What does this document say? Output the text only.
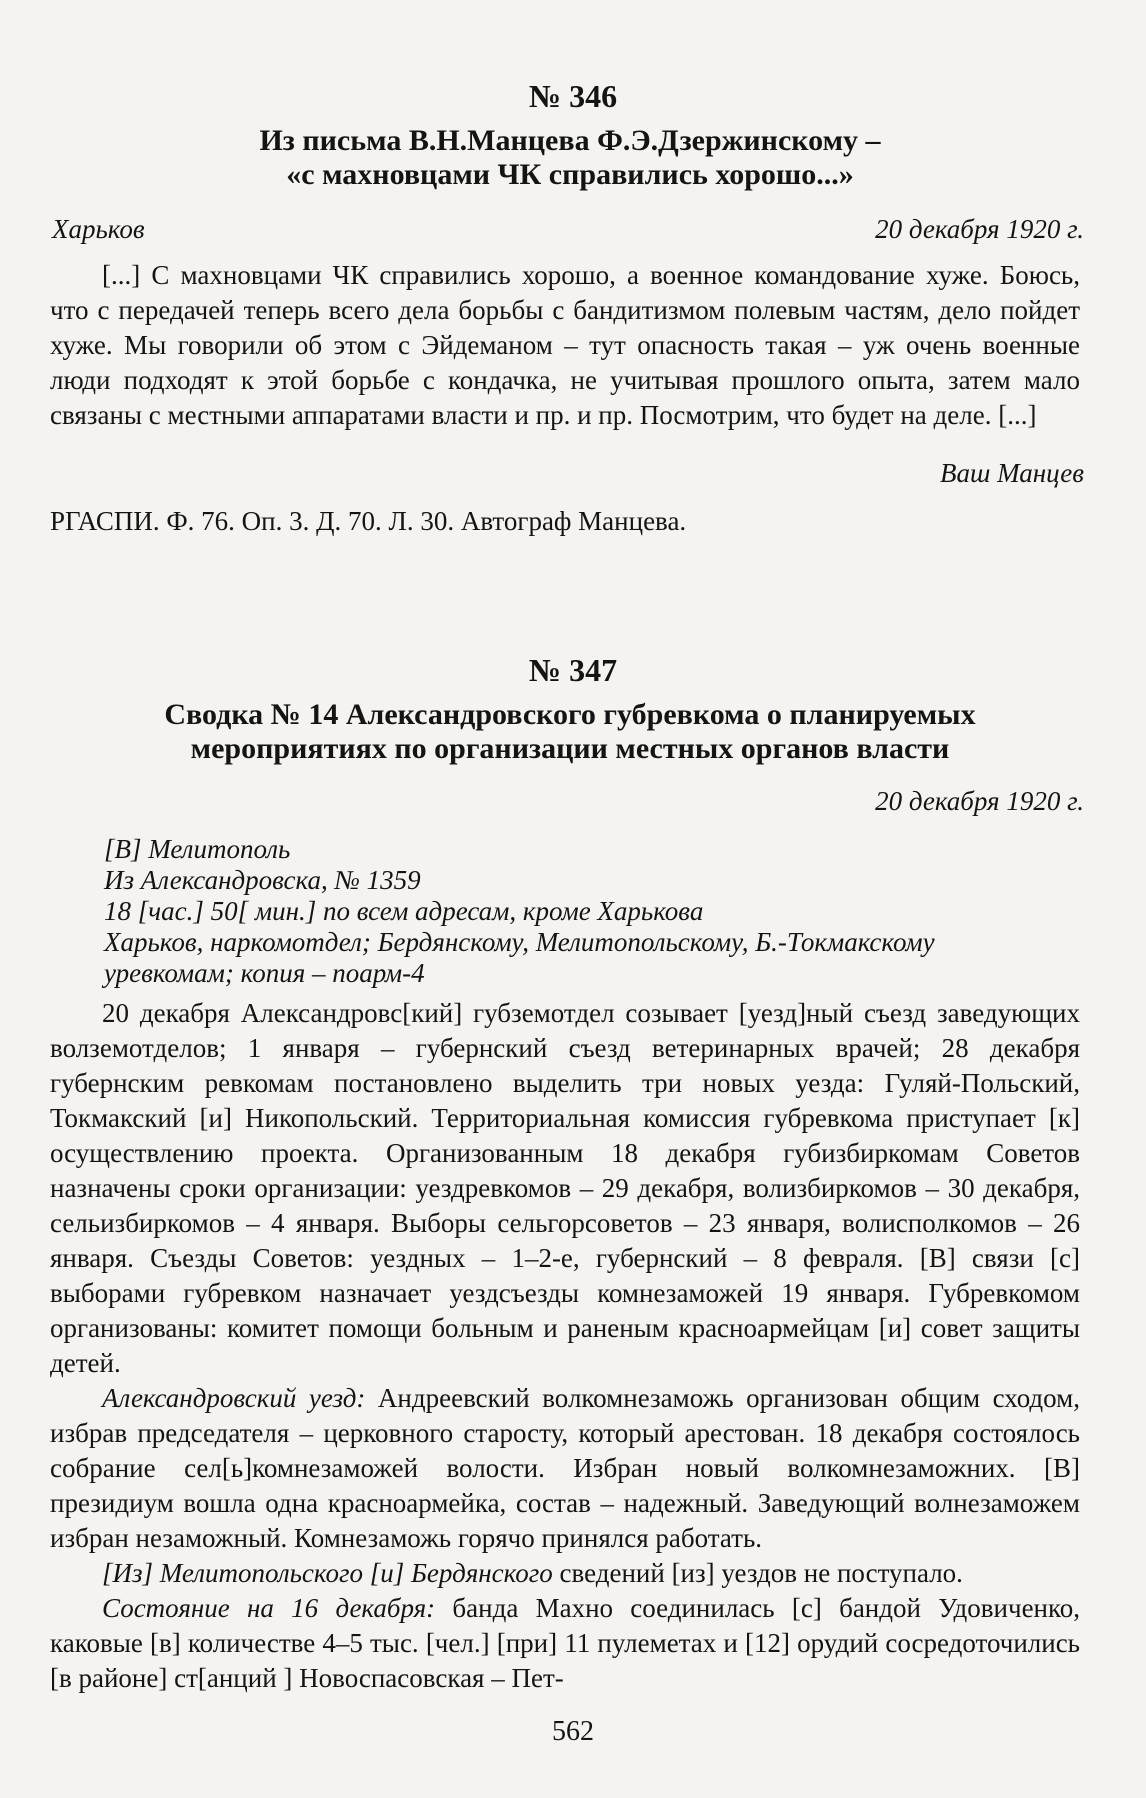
№ 346
Из письма В.Н.Манцева Ф.Э.Дзержинскому –
«с махновцами ЧК справились хорошо...»
Харьков	20 декабря 1920 г.

[...] С махновцами ЧК справились хорошо, а военное командование хуже. Боюсь, что с передачей теперь всего дела борьбы с бандитизмом полевым частям, дело пойдет хуже. Мы говорили об этом с Эйдеманом – тут опасность такая – уж очень военные люди подходят к этой борьбе с кондачка, не учитывая прошлого опыта, затем мало связаны с местными аппаратами власти и пр. и пр. Посмотрим, что будет на деле. [...]

Ваш Манцев
РГАСПИ. Ф. 76. Оп. 3. Д. 70. Л. 30. Автограф Манцева.
№ 347
Сводка № 14 Александровского губревкома о планируемых
мероприятиях по организации местных органов власти
20 декабря 1920 г.
[В] Мелитополь
Из Александровска, № 1359
18 [час.] 50[ мин.] по всем адресам, кроме Харькова
Харьков, наркомотдел; Бердянскому, Мелитопольскому, Б.-Токмакскому
уревкомам; копия – поарм-4

20 декабря Александровс[кий] губземотдел созывает [уезд]ный съезд заведующих волземотделов; 1 января – губернский съезд ветеринарных врачей; 28 декабря губернским ревкомам постановлено выделить три новых уезда: Гуляй-Польский, Токмакский [и] Никопольский. Территориальная комиссия губревкома приступает [к] осуществлению проекта. Организованным 18 декабря губизбиркомам Советов назначены сроки организации: уездревкомов – 29 декабря, волизбиркомов – 30 декабря, сельизбиркомов – 4 января. Выборы сельгорсоветов – 23 января, волисполкомов – 26 января. Съезды Советов: уездных – 1–2-е, губернский – 8 февраля. [В] связи [с] выборами губревком назначает уездсъезды комнезаможей 19 января. Губревкомом организованы: комитет помощи больным и раненым красноармейцам [и] совет защиты детей.

Александровский уезд: Андреевский волкомнезаможь организован общим сходом, избрав председателя – церковного старосту, который арестован. 18 декабря состоялось собрание сел[ь]комнезаможей волости. Избран новый волкомнезаможних. [В] президиум вошла одна красноармейка, состав – надежный. Заведующий волнезаможем избран незаможный. Комнезаможь горячо принялся работать.

[Из] Мелитопольского [и] Бердянского сведений [из] уездов не поступало.

Состояние на 16 декабря: банда Махно соединилась [с] бандой Удовиченко, каковые [в] количестве 4–5 тыс. [чел.] [при] 11 пулеметах и [12] орудий сосредоточились [в районе] ст[анций ] Новоспасовская – Пет-

562
